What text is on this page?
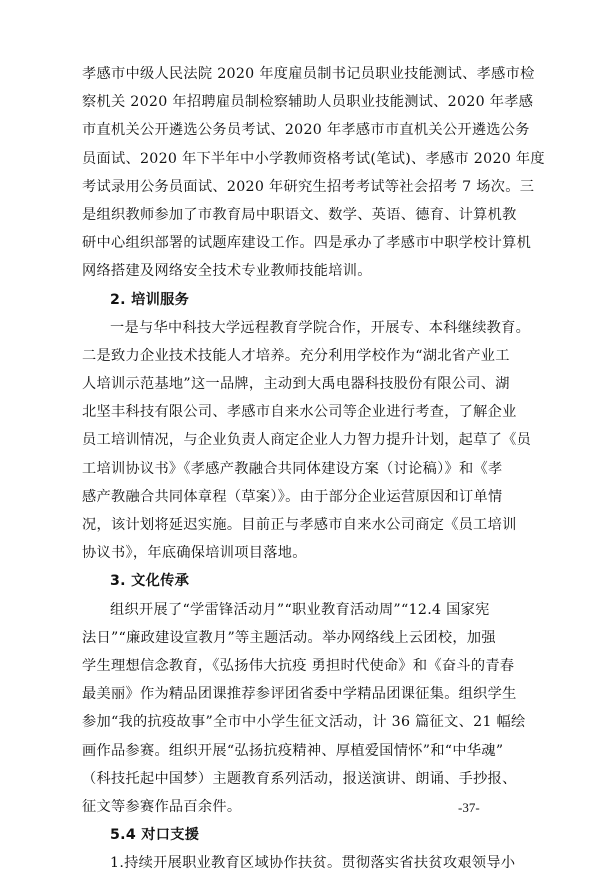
孝感市中级人民法院 2020 年度雇员制书记员职业技能测试、孝感市检
察机关 2020 年招聘雇员制检察辅助人员职业技能测试、2020 年孝感
市直机关公开遴选公务员考试、2020 年孝感市市直机关公开遴选公务
员面试、2020 年下半年中小学教师资格考试(笔试)、孝感市 2020 年度
考试录用公务员面试、2020 年研究生招考考试等社会招考 7 场次。三
是组织教师参加了市教育局中职语文、数学、英语、德育、计算机教
研中心组织部署的试题库建设工作。四是承办了孝感市中职学校计算机
网络搭建及网络安全技术专业教师技能培训。
2. 培训服务
一是与华中科技大学远程教育学院合作，开展专、本科继续教育。
二是致力企业技术技能人才培养。充分利用学校作为“湖北省产业工
人培训示范基地”这一品牌，主动到大禹电器科技股份有限公司、湖
北坚丰科技有限公司、孝感市自来水公司等企业进行考查，了解企业
员工培训情况，与企业负责人商定企业人力智力提升计划，起草了《员
工培训协议书》《孝感产教融合共同体建设方案（讨论稿）》和《孝
感产教融合共同体章程（草案）》。由于部分企业运营原因和订单情
况，该计划将延迟实施。目前正与孝感市自来水公司商定《员工培训
协议书》，年底确保培训项目落地。
3. 文化传承
组织开展了“学雷锋活动月”“职业教育活动周”“12.4 国家宪
法日”“廉政建设宣教月”等主题活动。举办网络线上云团校，加强
学生理想信念教育，《弘扬伟大抗疫 勇担时代使命》和《奋斗的青春
最美丽》作为精品团课推荐参评团省委中学精品团课征集。组织学生
参加“我的抗疫故事”全市中小学生征文活动，计 36 篇征文、21 幅绘
画作品参赛。组织开展“弘扬抗疫精神、厚植爱国情怀”和“中华魂”
（科技托起中国梦）主题教育系列活动，报送演讲、朗诵、手抄报、
征文等参赛作品百余件。
5.4 对口支援
1.持续开展职业教育区域协作扶贫。贯彻落实省扶贫攻艰领导小
-37-
